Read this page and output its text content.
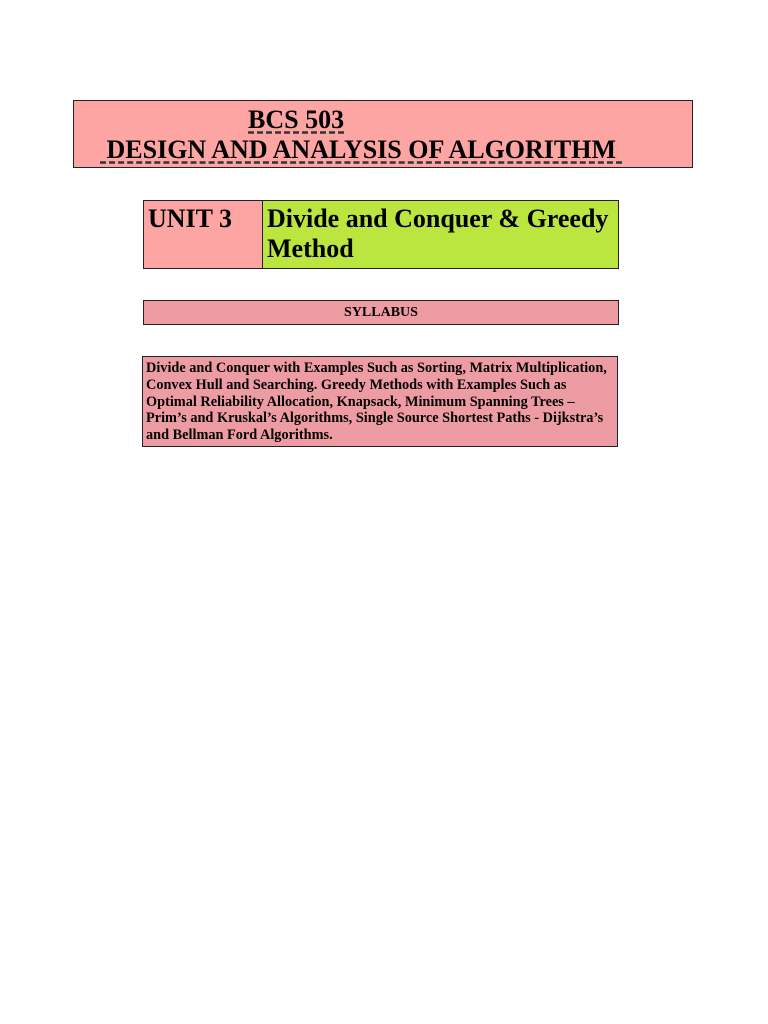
BCS 503
DESIGN AND ANALYSIS OF ALGORITHM
UNIT 3	Divide and Conquer & Greedy Method
SYLLABUS
Divide and Conquer with Examples Such as Sorting, Matrix Multiplication, Convex Hull and Searching. Greedy Methods with Examples Such as Optimal Reliability Allocation, Knapsack, Minimum Spanning Trees – Prim’s and Kruskal’s Algorithms, Single Source Shortest Paths - Dijkstra’s and Bellman Ford Algorithms.
